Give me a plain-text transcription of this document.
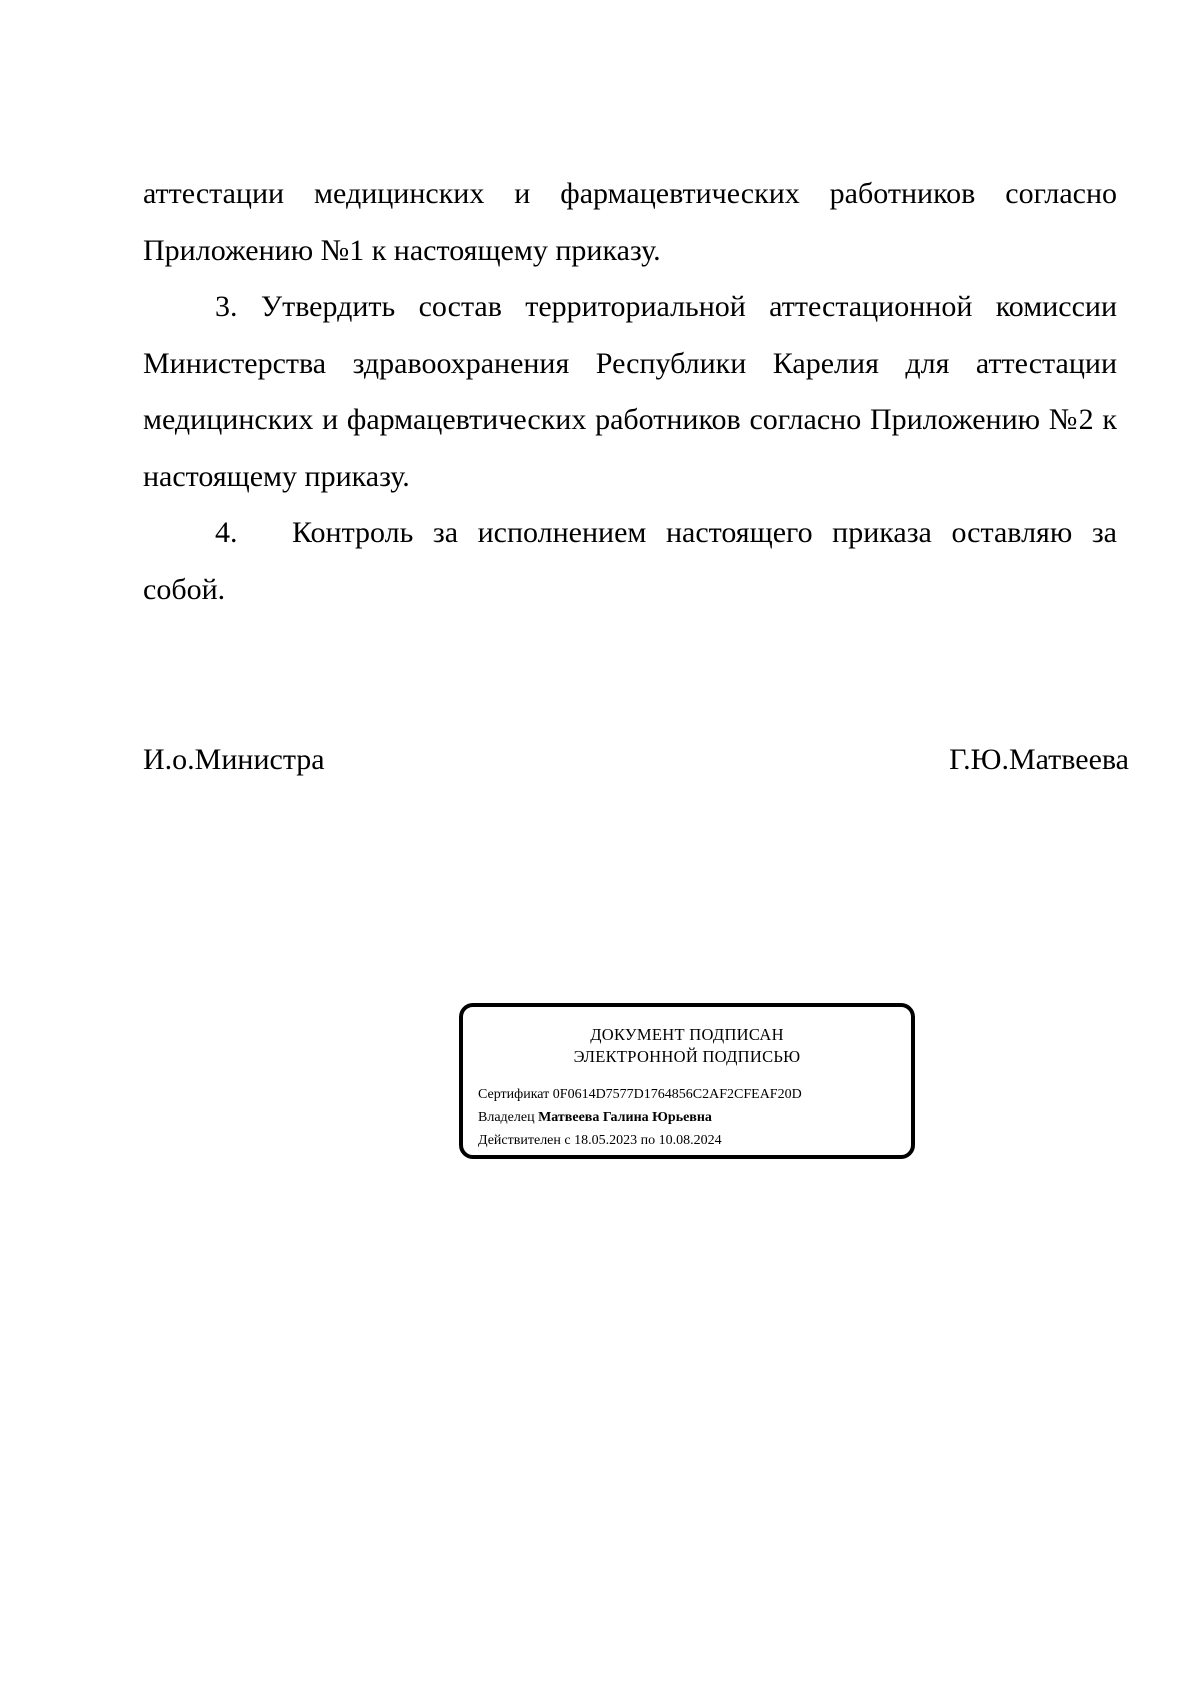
аттестации медицинских и фармацевтических работников согласно Приложению №1 к настоящему приказу.

3. Утвердить состав территориальной аттестационной комиссии Министерства здравоохранения Республики Карелия для аттестации медицинских и фармацевтических работников согласно Приложению №2 к настоящему приказу.

4. Контроль за исполнением настоящего приказа оставляю за собой.

И.о.Министра	Г.Ю.Матвеева
ДОКУМЕНТ ПОДПИСАН
ЭЛЕКТРОННОЙ ПОДПИСЬЮ
Сертификат 0F0614D7577D1764856C2AF2CFEAF20D
Владелец Матвеева Галина Юрьевна
Действителен с 18.05.2023 по 10.08.2024
